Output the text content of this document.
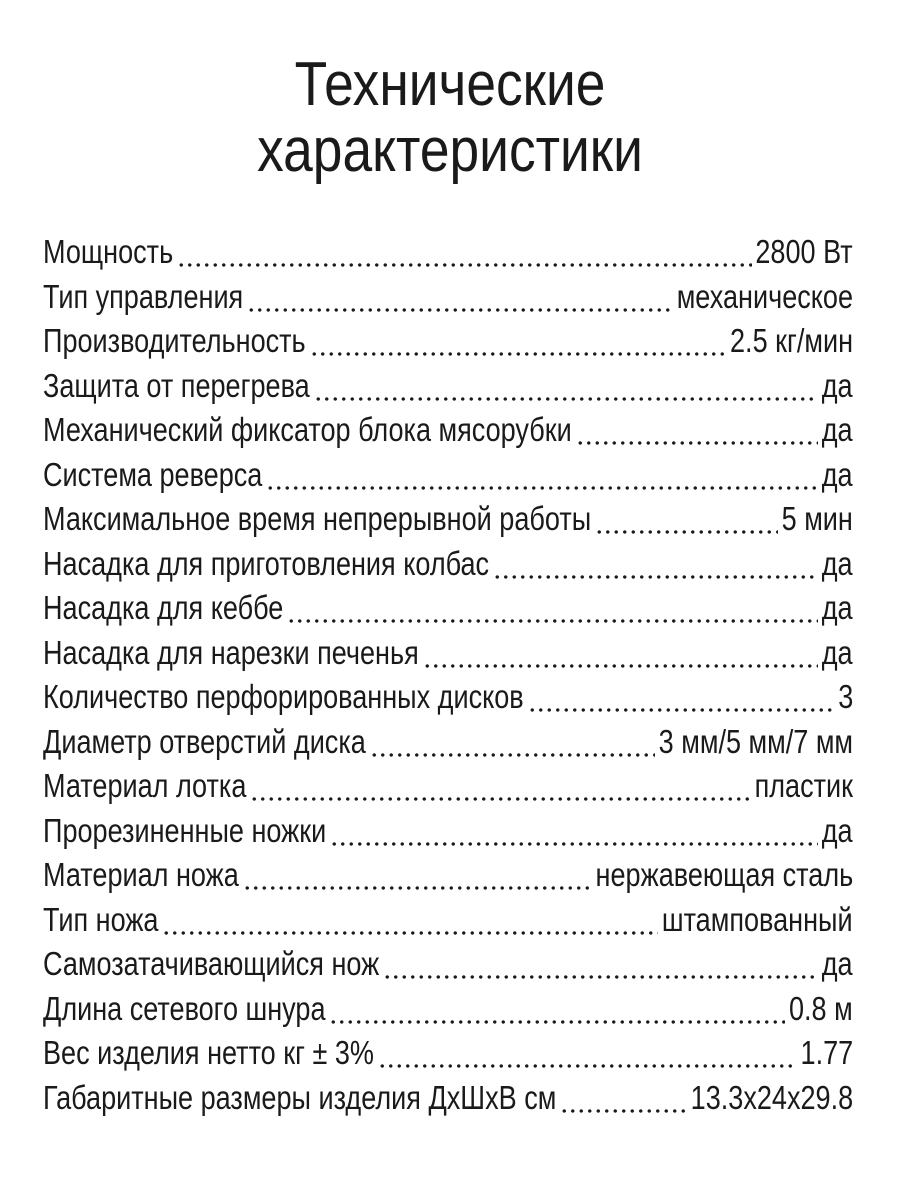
Технические
характеристики
Мощность	2800 Вт
Тип управления	механическое
Производительность	2.5 кг/мин
Защита от перегрева	да
Механический фиксатор блока мясорубки	да
Система реверса	да
Максимальное время непрерывной работы	5 мин
Насадка для приготовления колбас	да
Насадка для кеббе	да
Насадка для нарезки печенья	да
Количество перфорированных дисков	3
Диаметр отверстий диска	3 мм/5 мм/7 мм
Материал лотка	пластик
Прорезиненные ножки	да
Материал ножа	нержавеющая сталь
Тип ножа	штампованный
Самозатачивающийся нож	да
Длина сетевого шнура	0.8 м
Вес изделия нетто кг ± 3%	1.77
Габаритные размеры изделия ДхШхВ см	13.3x24x29.8
